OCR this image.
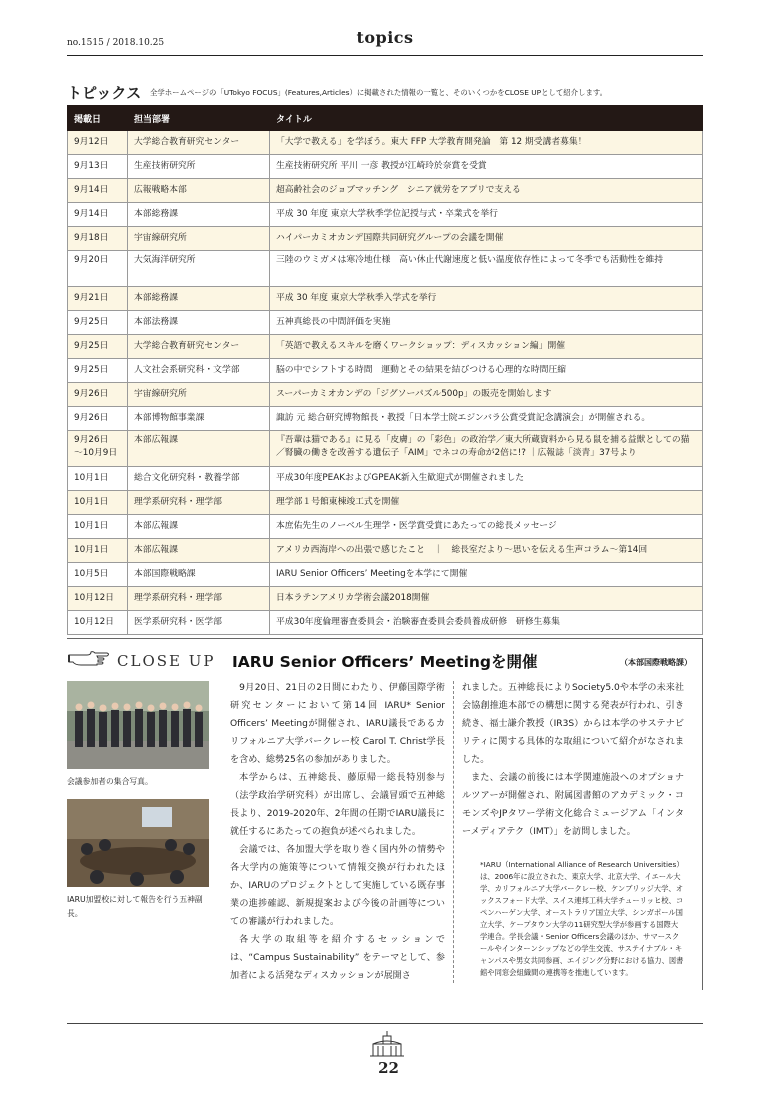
no.1515 / 2018.10.25	topics
トピックス 全学ホームページの「UTokyo FOCUS」(Features,Articles）に掲載された情報の一覧と、そのいくつかをCLOSE UPとして紹介します。
掲載日	担当部署	タイトル
9月12日	大学総合教育研究センター	「大学で教える」を学ぼう。東大 FFP 大学教育開発論　第 12 期受講者募集！
9月13日	生産技術研究所	生産技術研究所 平川 一彦 教授が江崎玲於奈賞を受賞
9月14日	広報戦略本部	超高齢社会のジョブマッチング　シニア就労をアプリで支える
9月14日	本部総務課	平成 30 年度 東京大学秋季学位記授与式・卒業式を挙行
9月18日	宇宙線研究所	ハイパーカミオカンデ国際共同研究グループの会議を開催
9月20日	大気海洋研究所	三陸のウミガメは寒冷地仕様　高い休止代謝速度と低い温度依存性によって冬季でも活動性を維持
9月21日	本部総務課	平成 30 年度 東京大学秋季入学式を挙行
9月25日	本部法務課	五神真総長の中間評価を実施
9月25日	大学総合教育研究センター	「英語で教えるスキルを磨くワークショップ：ディスカッション編」開催
9月25日	人文社会系研究科・文学部	脳の中でシフトする時間　運動とその結果を結びつける心理的な時間圧縮
9月26日	宇宙線研究所	スーパーカミオカンデの「ジグソーパズル500p」の販売を開始します
9月26日	本部博物館事業課	諏訪 元 総合研究博物館長・教授「日本学士院エジンバラ公賞受賞記念講演会」が開催される。
9月26日
〜10月9日	本部広報課	『吾輩は猫である』に見る「皮膚」の「彩色」の政治学／東大所蔵資料から見る鼠を捕る益獣としての猫／腎臓の働きを改善する遺伝子「AIM」でネコの寿命が2倍に!? ｜広報誌「淡青」37号より
10月1日	総合文化研究科・教養学部	平成30年度PEAKおよびGPEAK新入生歓迎式が開催されました
10月1日	理学系研究科・理学部	理学部１号館東棟竣工式を開催
10月1日	本部広報課	本庶佑先生のノーベル生理学・医学賞受賞にあたっての総長メッセージ
10月1日	本部広報課	アメリカ西海岸への出張で感じたこと　｜　総長室だより〜思いを伝える生声コラム〜第14回
10月5日	本部国際戦略課	IARU Senior Officers’ Meetingを本学にて開催
10月12日	理学系研究科・理学部	日本ラテンアメリカ学術会議2018開催
10月12日	医学系研究科・医学部	平成30年度倫理審査委員会・治験審査委員会委員養成研修　研修生募集
CLOSE UP IARU Senior Officers’ Meetingを開催	（本部国際戦略課）
会議参加者の集合写真。
IARU加盟校に対して報告を行う五神副長。

9月20日、21日の2日間にわたり、伊藤国際学術研究センターにおいて第14回 IARU* Senior Officers’ Meetingが開催され、IARU議長であるカリフォルニア大学バークレー校 Carol T. Christ学長を含め、総勢25名の参加がありました。

本学からは、五神総長、藤原帰一総長特別参与（法学政治学研究科）が出席し、会議冒頭で五神総長より、2019-2020年、2年間の任期でIARU議長に就任するにあたっての抱負が述べられました。

会議では、各加盟大学を取り巻く国内外の情勢や各大学内の施策等について情報交換が行われたほか、IARUのプロジェクトとして実施している既存事業の進捗確認、新規提案および今後の計画等についての審議が行われました。

各大学の取組等を紹介するセッションでは、“Campus Sustainability” をテーマとして、参加者による活発なディスカッションが展開さ

れました。五神総長によりSociety5.0や本学の未来社会協創推進本部での構想に関する発表が行われ、引き続き、福士謙介教授（IR3S）からは本学のサステナビリティに関する具体的な取組について紹介がなされました。

また、会議の前後には本学関連施設へのオプショナルツアーが開催され、附属図書館のアカデミック・コモンズやJPタワー学術文化総合ミュージアム「インターメディアテク（IMT）」を訪問しました。

*IARU（International Alliance of Research Universities）は、2006年に設立された、東京大学、北京大学、イエール大学、カリフォルニア大学バークレー校、ケンブリッジ大学、オックスフォード大学、スイス連邦工科大学チューリッヒ校、コペンハーゲン大学、オーストラリア国立大学、シンガポール国立大学、ケープタウン大学の11研究型大学が参画する国際大学連合。学長会議・Senior Officers会議のほか、サマースクールやインターンシップなどの学生交流、サステイナブル・キャンパスや男女共同参画、エイジング分野における協力、図書館や同窓会組織間の連携等を推進しています。
22
